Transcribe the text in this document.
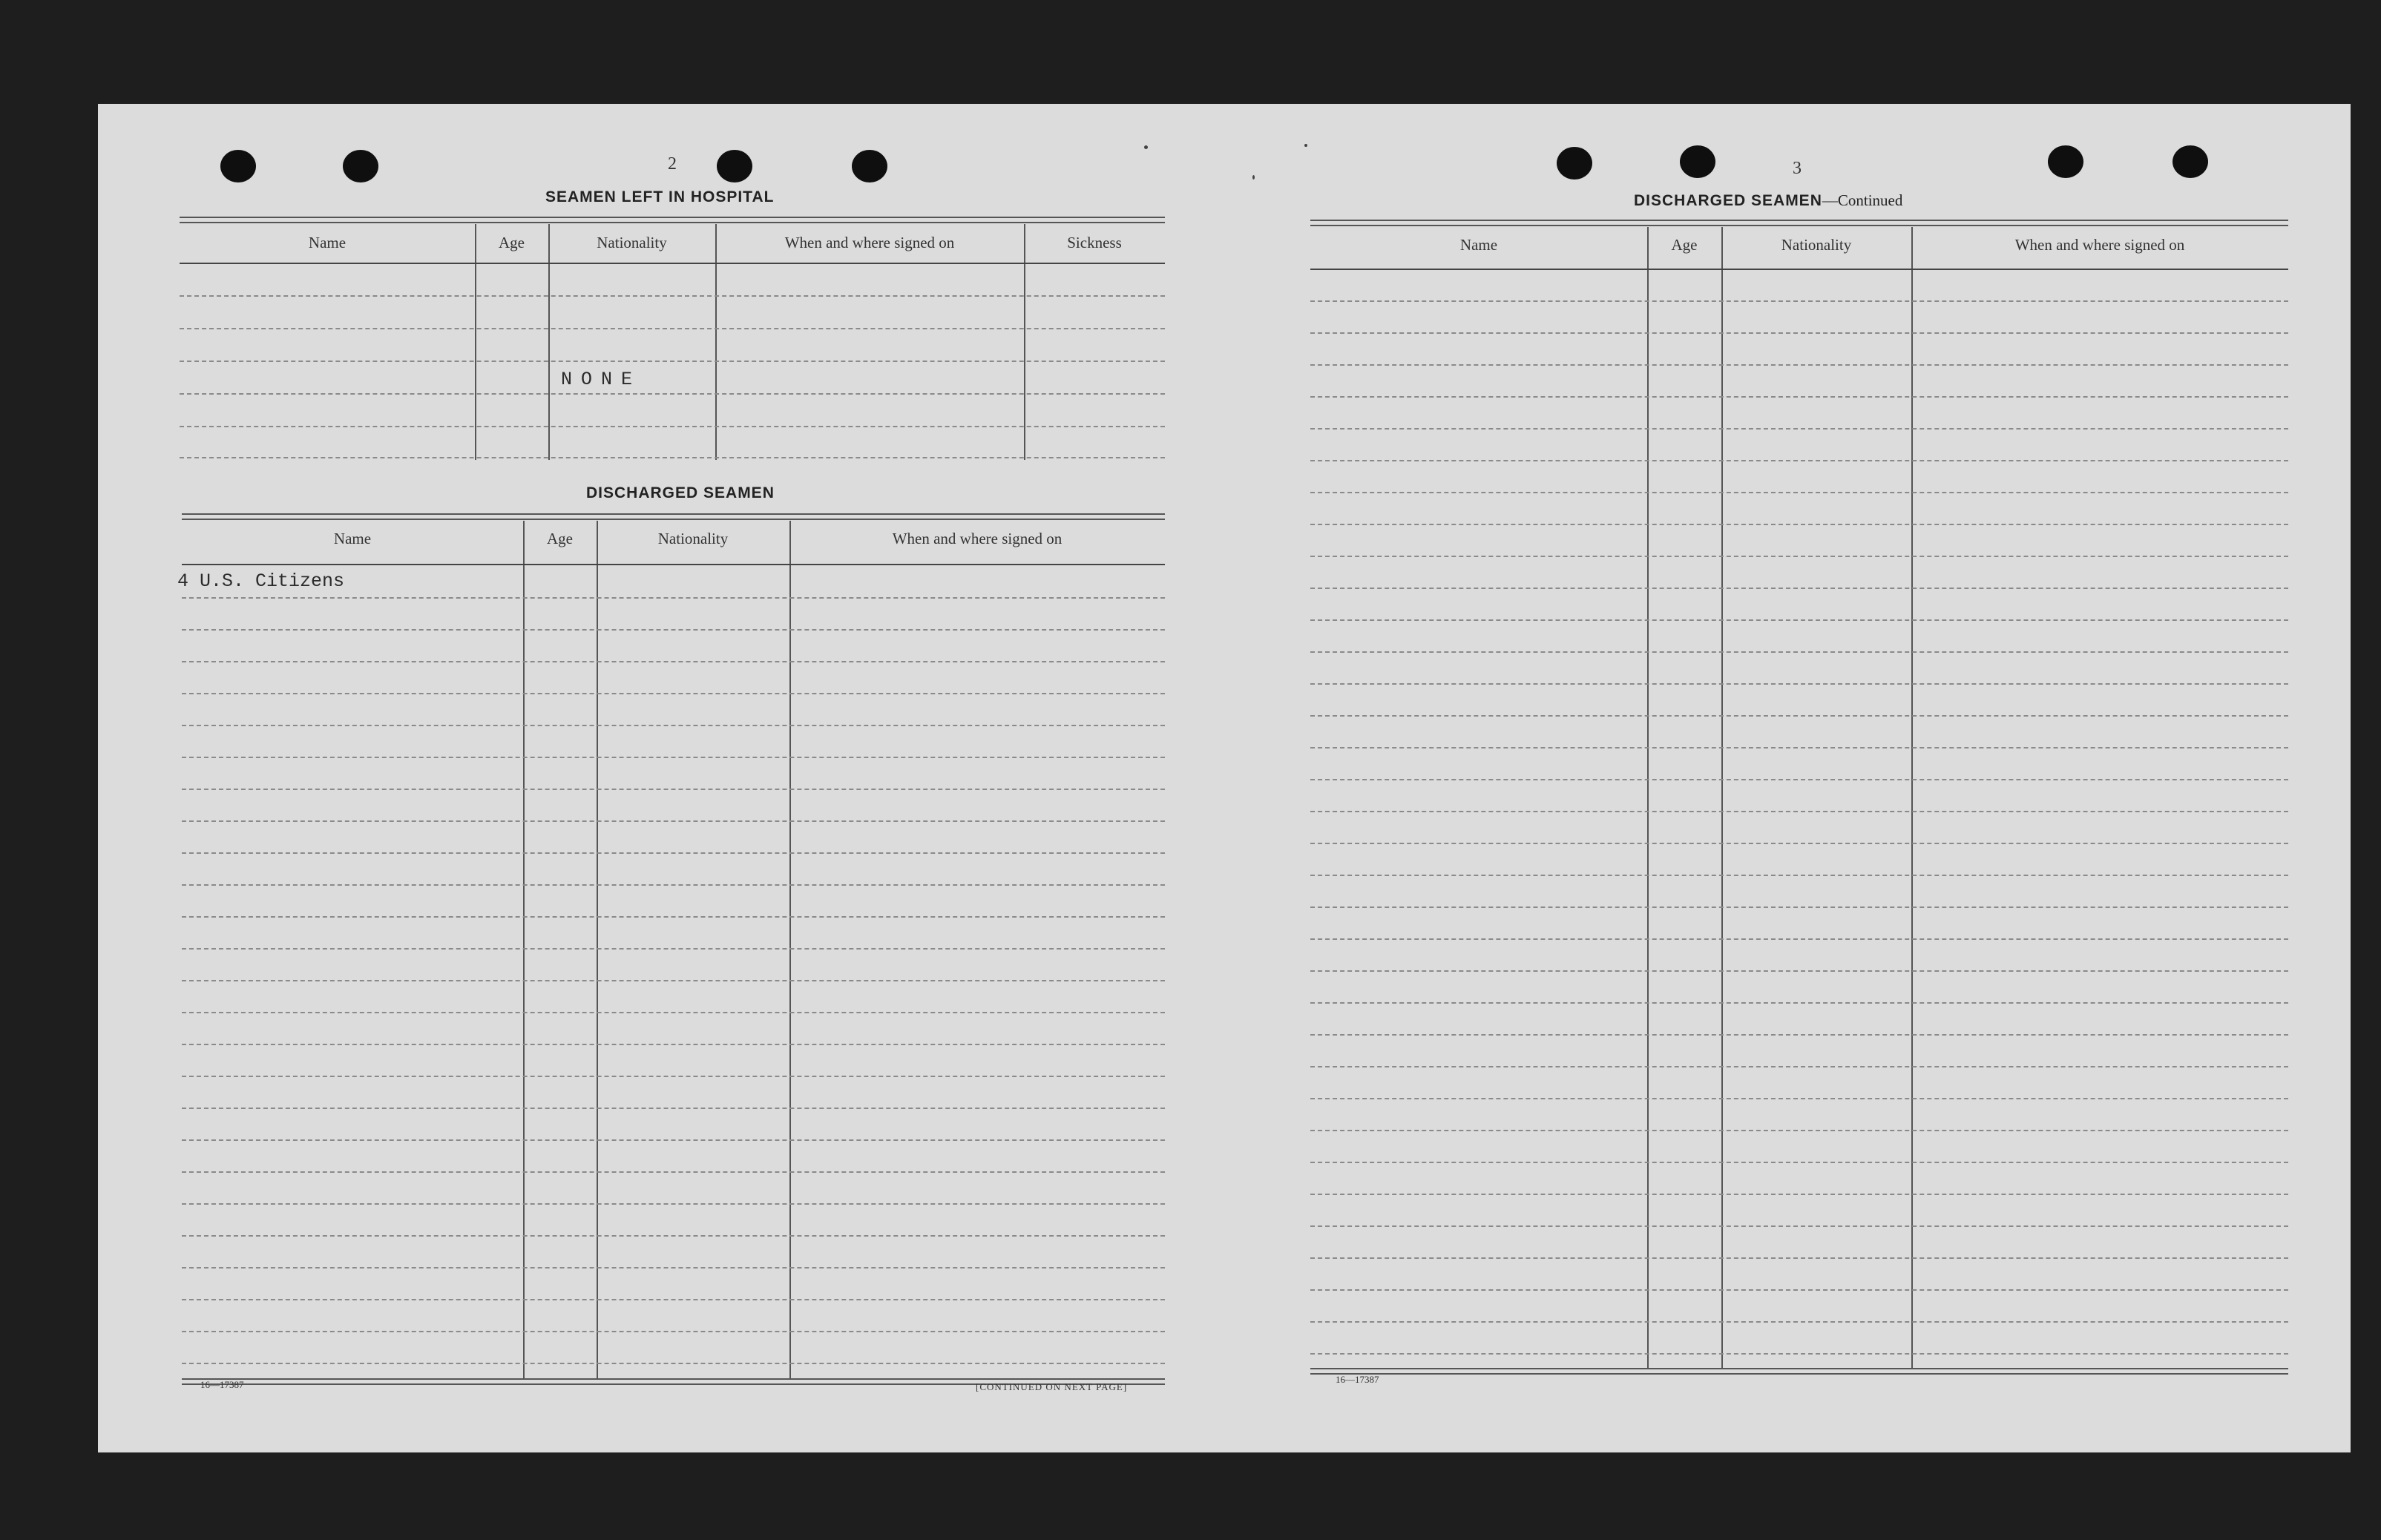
2
SEAMEN LEFT IN HOSPITAL
Name	Age	Nationality	When and where signed on	Sickness
NONE
DISCHARGED SEAMEN
Name	Age	Nationality	When and where signed on
4 U.S. Citizens
16—17387	[CONTINUED ON NEXT PAGE]
3
DISCHARGED SEAMEN—Continued
Name	Age	Nationality	When and where signed on
16—17387
